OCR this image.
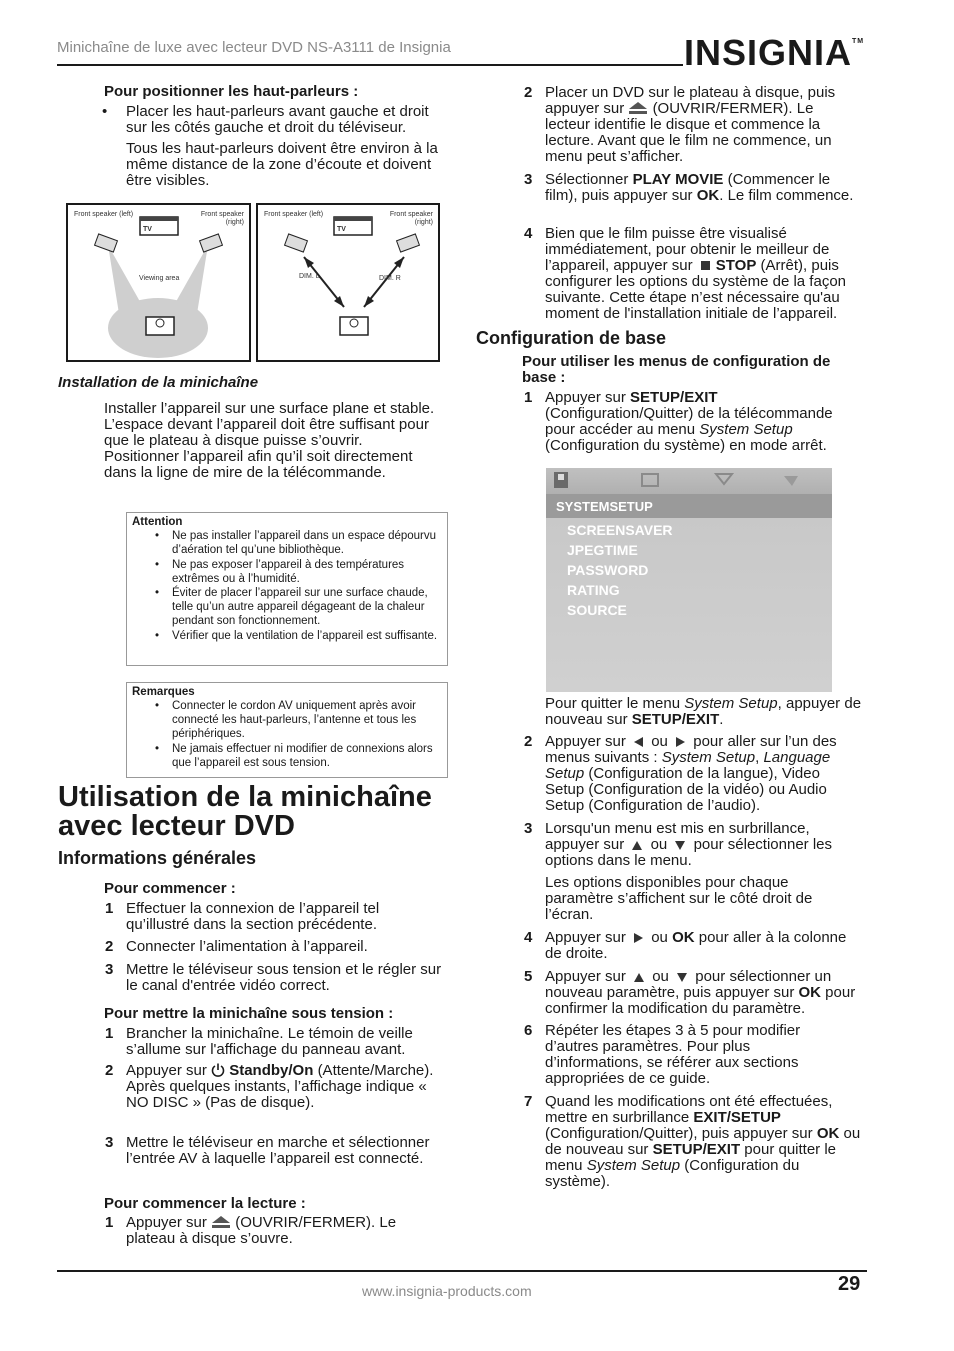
Minichaîne de luxe avec lecteur DVD NS-A3111 de Insignia	INSIGNIA™
Pour positionner les haut-parleurs :
• Placer les haut-parleurs avant gauche et droit sur les côtés gauche et droit du téléviseur.
Tous les haut-parleurs doivent être environ à la même distance de la zone d’écoute et doivent être visibles.
Front speaker (left)	Front speaker (right)
TV
Viewing area
Front speaker (left)	Front speaker (right)
TV
DIM. L	DIM. R
Installation de la minichaîne
Installer l’appareil sur une surface plane et stable. L’espace devant l’appareil doit être suffisant pour que le plateau à disque puisse s’ouvrir. Positionner l’appareil afin qu’il soit directement dans la ligne de mire de la télécommande.
Attention
• Ne pas installer l’appareil dans un espace dépourvu d’aération tel qu’une bibliothèque.
• Ne pas exposer l’appareil à des températures extrêmes ou à l’humidité.
• Éviter de placer l’appareil sur une surface chaude, telle qu’un autre appareil dégageant de la chaleur pendant son fonctionnement.
• Vérifier que la ventilation de l’appareil est suffisante.
Remarques
• Connecter le cordon AV uniquement après avoir connecté les haut-parleurs, l’antenne et tous les périphériques.
• Ne jamais effectuer ni modifier de connexions alors que l’appareil est sous tension.
Utilisation de la minichaîne
avec lecteur DVD
Informations générales
Pour commencer :
1 Effectuer la connexion de l’appareil tel qu’illustré dans la section précédente.
2 Connecter l’alimentation à l’appareil.
3 Mettre le téléviseur sous tension et le régler sur le canal d'entrée vidéo correct.
Pour mettre la minichaîne sous tension :
1 Brancher la minichaîne. Le témoin de veille s’allume sur l'affichage du panneau avant.
2 Appuyer sur Standby/On (Attente/Marche). Après quelques instants, l’affichage indique « NO DISC » (Pas de disque).
3 Mettre le téléviseur en marche et sélectionner l’entrée AV à laquelle l’appareil est connecté.
Pour commencer la lecture :
1 Appuyer sur (OUVRIR/FERMER). Le plateau à disque s’ouvre.
2 Placer un DVD sur le plateau à disque, puis appuyer sur (OUVRIR/FERMER). Le lecteur identifie le disque et commence la lecture. Avant que le film ne commence, un menu peut s’afficher.
3 Sélectionner PLAY MOVIE (Commencer le film), puis appuyer sur OK. Le film commence.
4 Bien que le film puisse être visualisé immédiatement, pour obtenir le meilleur de l’appareil, appuyer sur STOP (Arrêt), puis configurer les options du système de la façon suivante. Cette étape n’est nécessaire qu'au moment de l'installation initiale de l’appareil.
Configuration de base
Pour utiliser les menus de configuration de base :
1 Appuyer sur SETUP/EXIT (Configuration/Quitter) de la télécommande pour accéder au menu System Setup (Configuration du système) en mode arrêt.
SYSTEMSETUP
SCREENSAVER
JPEGTIME
PASSWORD
RATING
SOURCE
Pour quitter le menu System Setup, appuyer de nouveau sur SETUP/EXIT.
2 Appuyer sur ou pour aller sur l’un des menus suivants : System Setup, Language Setup (Configuration de la langue), Video Setup (Configuration de la vidéo) ou Audio Setup (Configuration de l’audio).
3 Lorsqu'un menu est mis en surbrillance, appuyer sur ou pour sélectionner les options dans le menu.
Les options disponibles pour chaque paramètre s’affichent sur le côté droit de l’écran.
4 Appuyer sur ou OK pour aller à la colonne de droite.
5 Appuyer sur ou pour sélectionner un nouveau paramètre, puis appuyer sur OK pour confirmer la modification du paramètre.
6 Répéter les étapes 3 à 5 pour modifier d’autres paramètres. Pour plus d’informations, se référer aux sections appropriées de ce guide.
7 Quand les modifications ont été effectuées, mettre en surbrillance EXIT/SETUP (Configuration/Quitter), puis appuyer sur OK ou de nouveau sur SETUP/EXIT pour quitter le menu System Setup (Configuration du système).
www.insignia-products.com	29
